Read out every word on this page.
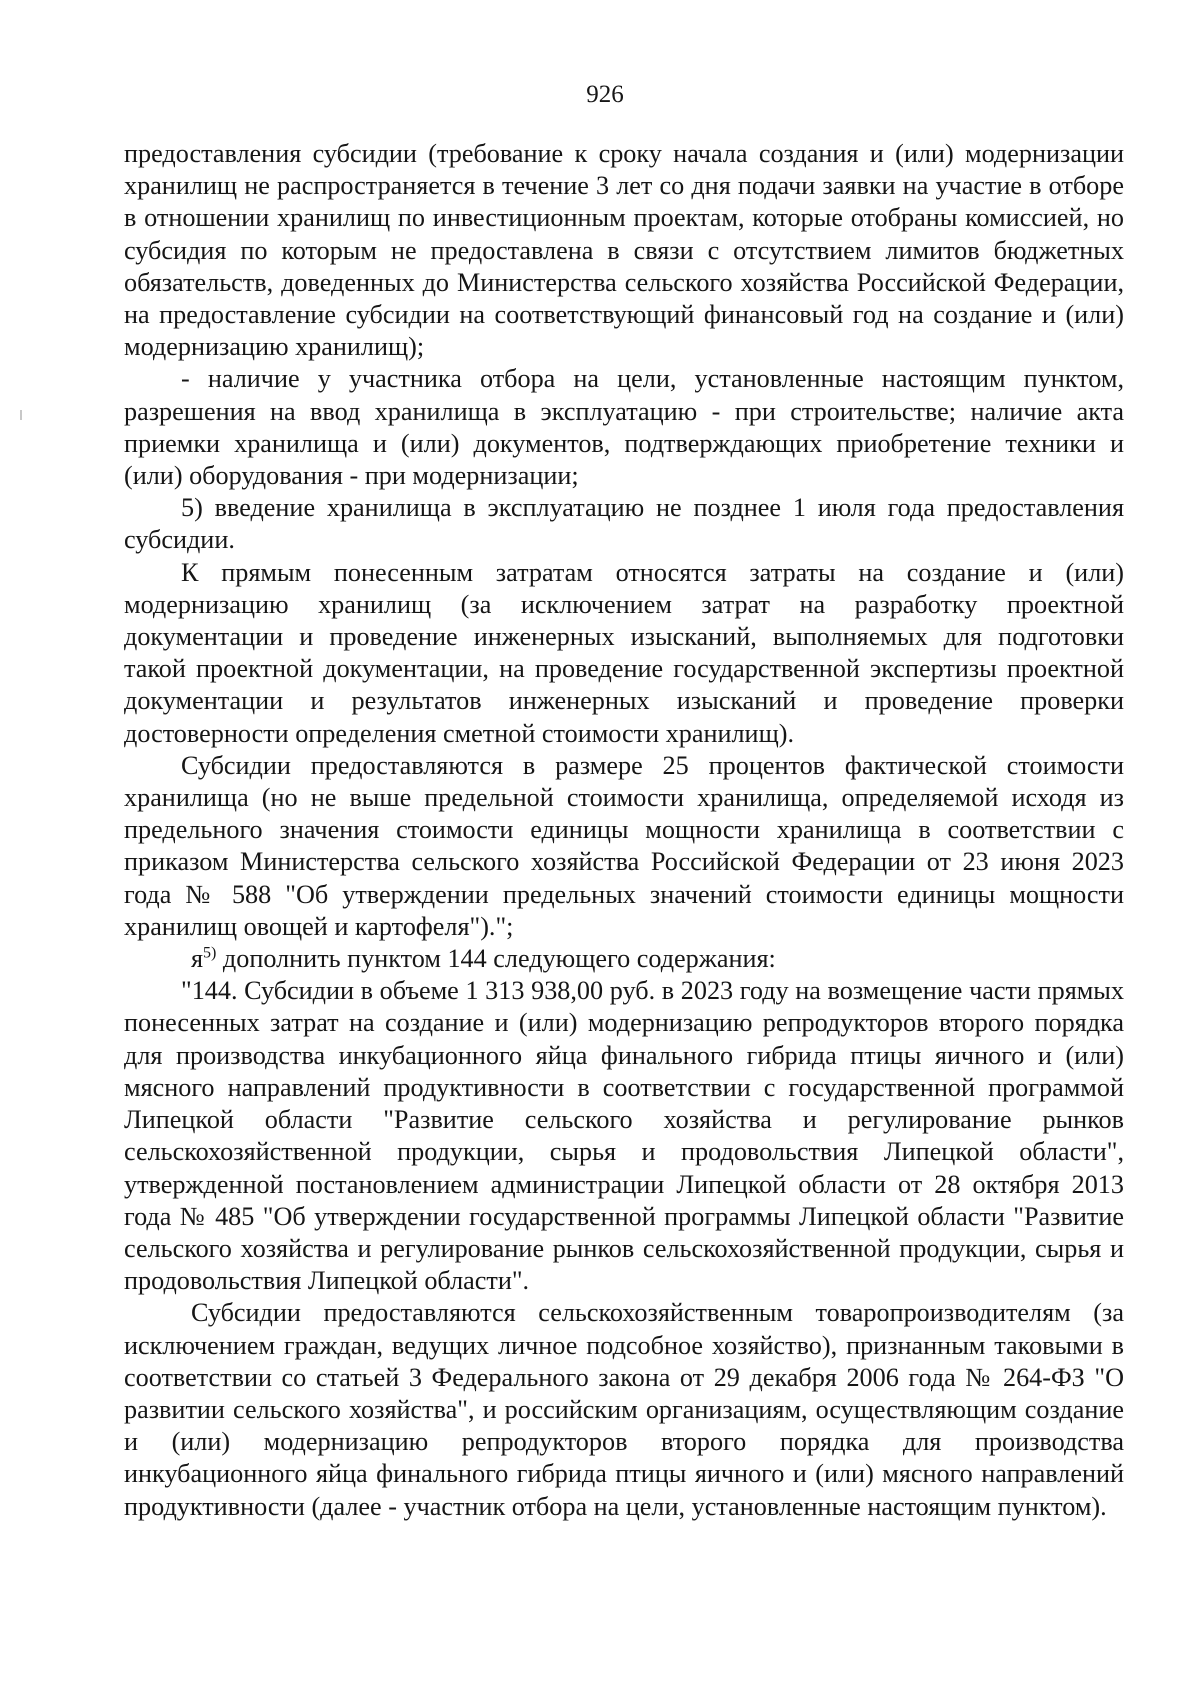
926

предоставления субсидии (требование к сроку начала создания и (или) модернизации хранилищ не распространяется в течение 3 лет со дня подачи заявки на участие в отборе в отношении хранилищ по инвестиционным проектам, которые отобраны комиссией, но субсидия по которым не предоставлена в связи с отсутствием лимитов бюджетных обязательств, доведенных до Министерства сельского хозяйства Российской Федерации, на предоставление субсидии на соответствующий финансовый год на создание и (или) модернизацию хранилищ);

- наличие у участника отбора на цели, установленные настоящим пунктом, разрешения на ввод хранилища в эксплуатацию - при строительстве; наличие акта приемки хранилища и (или) документов, подтверждающих приобретение техники и (или) оборудования - при модернизации;

5) введение хранилища в эксплуатацию не позднее 1 июля года предоставления субсидии.

К прямым понесенным затратам относятся затраты на создание и (или) модернизацию хранилищ (за исключением затрат на разработку проектной документации и проведение инженерных изысканий, выполняемых для подготовки такой проектной документации, на проведение государственной экспертизы проектной документации и результатов инженерных изысканий и проведение проверки достоверности определения сметной стоимости хранилищ).

Субсидии предоставляются в размере 25 процентов фактической стоимости хранилища (но не выше предельной стоимости хранилища, определяемой исходя из предельного значения стоимости единицы мощности хранилища в соответствии с приказом Министерства сельского хозяйства Российской Федерации от 23 июня 2023 года № 588 "Об утверждении предельных значений стоимости единицы мощности хранилищ овощей и картофеля").";

$я^{5)}$ дополнить пунктом 144 следующего содержания:

"144. Субсидии в объеме 1 313 938,00 руб. в 2023 году на возмещение части прямых понесенных затрат на создание и (или) модернизацию репродукторов второго порядка для производства инкубационного яйца финального гибрида птицы яичного и (или) мясного направлений продуктивности в соответствии с государственной программой Липецкой области "Развитие сельского хозяйства и регулирование рынков сельскохозяйственной продукции, сырья и продовольствия Липецкой области", утвержденной постановлением администрации Липецкой области от 28 октября 2013 года № 485 "Об утверждении государственной программы Липецкой области "Развитие сельского хозяйства и регулирование рынков сельскохозяйственной продукции, сырья и продовольствия Липецкой области".

Субсидии предоставляются сельскохозяйственным товаропроизводителям (за исключением граждан, ведущих личное подсобное хозяйство), признанным таковыми в соответствии со статьей 3 Федерального закона от 29 декабря 2006 года № 264-ФЗ "О развитии сельского хозяйства", и российским организациям, осуществляющим создание и (или) модернизацию репродукторов второго порядка для производства инкубационного яйца финального гибрида птицы яичного и (или) мясного направлений продуктивности (далее - участник отбора на цели, установленные настоящим пунктом).
